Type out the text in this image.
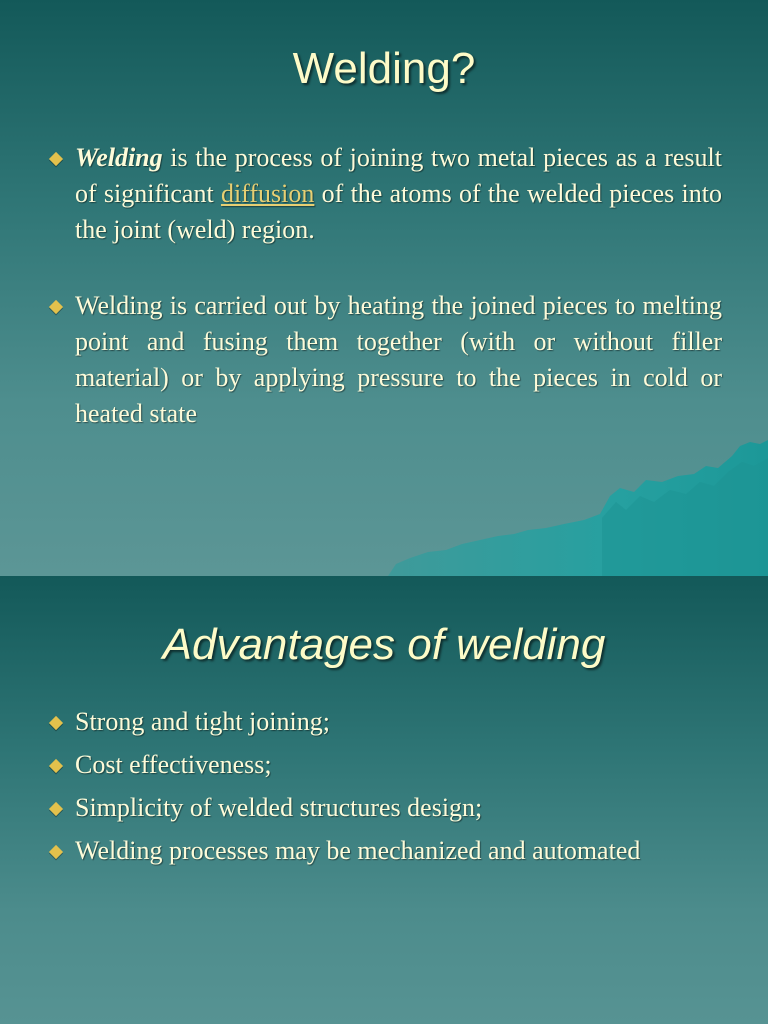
Welding?
Welding is the process of joining two metal pieces as a result of significant diffusion of the atoms of the welded pieces into the joint (weld) region.
Welding is carried out by heating the joined pieces to melting point and fusing them together (with or without filler material) or by applying pressure to the pieces in cold or heated state
Advantages of welding
Strong and tight joining;
Cost effectiveness;
Simplicity of welded structures design;
Welding processes may be mechanized and automated
